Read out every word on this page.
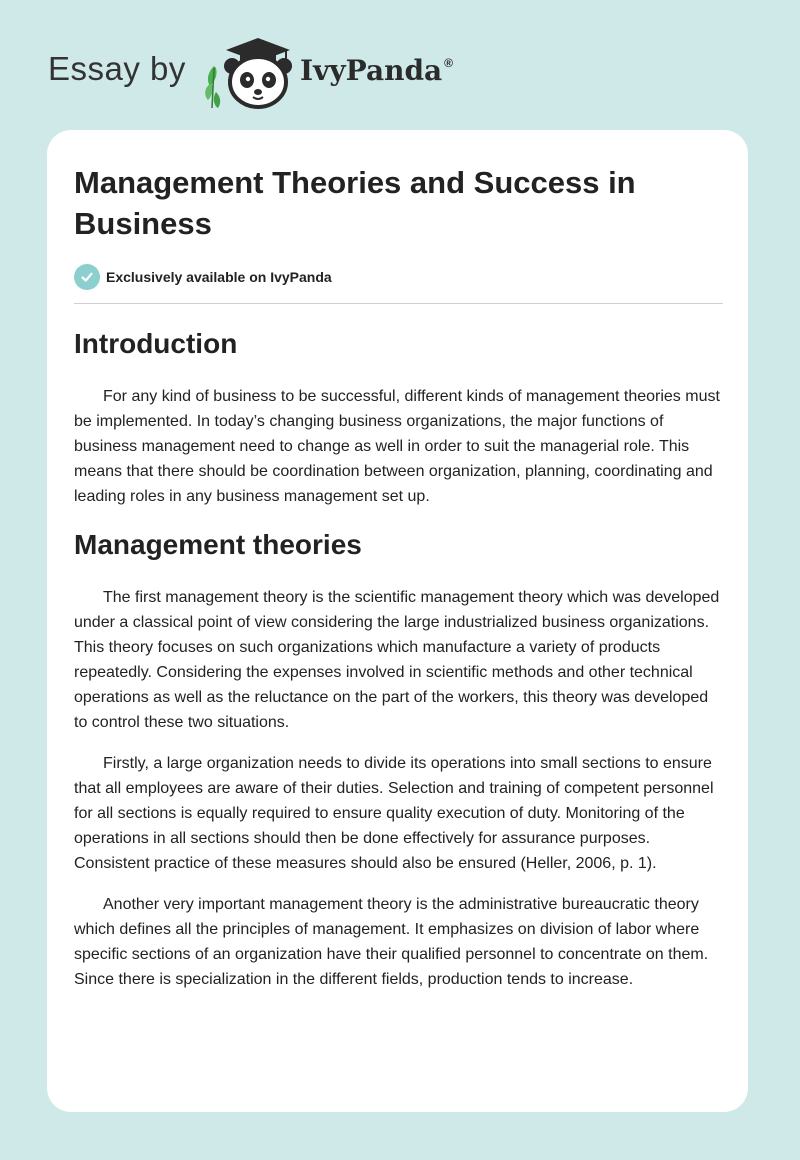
Essay by	IvyPanda ®
Management Theories and Success in Business
Exclusively available on IvyPanda
Introduction

For any kind of business to be successful, different kinds of management theories must be implemented. In today’s changing business organizations, the major functions of business management need to change as well in order to suit the managerial role. This means that there should be coordination between organization, planning, coordinating and leading roles in any business management set up.

Management theories

The first management theory is the scientific management theory which was developed under a classical point of view considering the large industrialized business organizations. This theory focuses on such organizations which manufacture a variety of products repeatedly. Considering the expenses involved in scientific methods and other technical operations as well as the reluctance on the part of the workers, this theory was developed to control these two situations.

Firstly, a large organization needs to divide its operations into small sections to ensure that all employees are aware of their duties. Selection and training of competent personnel for all sections is equally required to ensure quality execution of duty. Monitoring of the operations in all sections should then be done effectively for assurance purposes. Consistent practice of these measures should also be ensured (Heller, 2006, p. 1).

Another very important management theory is the administrative bureaucratic theory which defines all the principles of management. It emphasizes on division of labor where specific sections of an organization have their qualified personnel to concentrate on them. Since there is specialization in the different fields, production tends to increase.
